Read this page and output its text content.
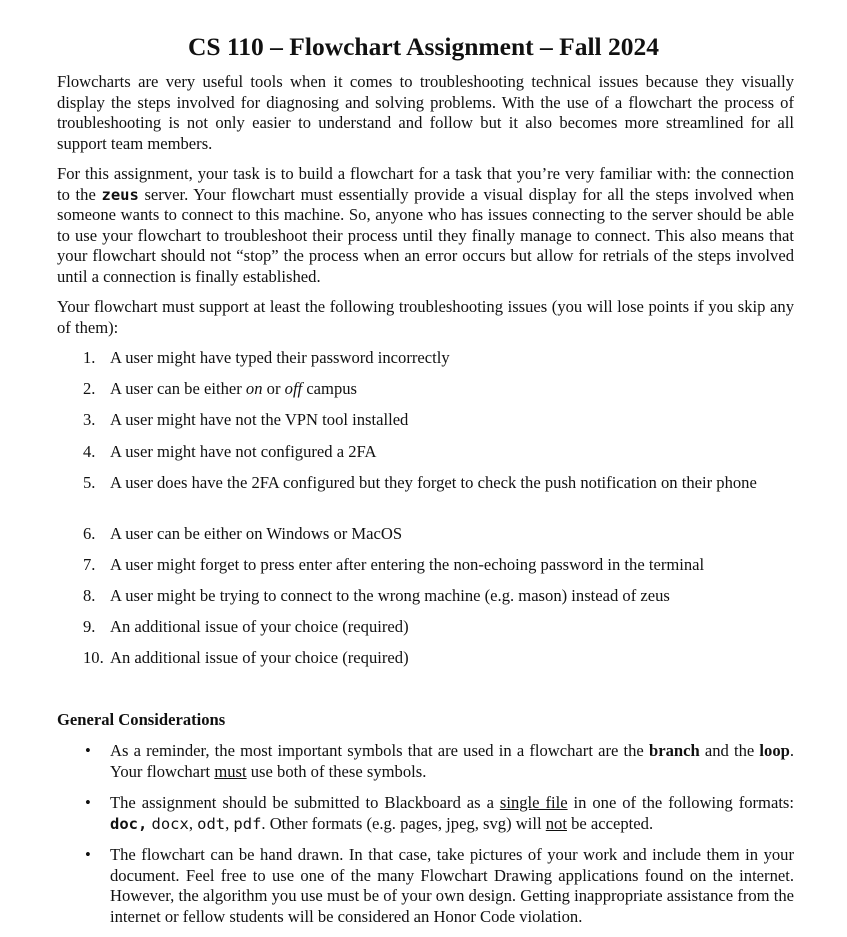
CS 110 – Flowchart Assignment – Fall 2024

Flowcharts are very useful tools when it comes to troubleshooting technical issues because they visually display the steps involved for diagnosing and solving problems. With the use of a flowchart the process of troubleshooting is not only easier to understand and follow but it also becomes more streamlined for all support team members.

For this assignment, your task is to build a flowchart for a task that you’re very familiar with: the connection to the zeus server. Your flowchart must essentially provide a visual display for all the steps involved when someone wants to connect to this machine. So, anyone who has issues connecting to the server should be able to use your flowchart to troubleshoot their process until they finally manage to connect. This also means that your flowchart should not “stop” the process when an error occurs but allow for retrials of the steps involved until a connection is finally established.

Your flowchart must support at least the following troubleshooting issues (you will lose points if you skip any of them):

1. A user might have typed their password incorrectly
2. A user can be either on or off campus
3. A user might have not the VPN tool installed
4. A user might have not configured a 2FA
5. A user does have the 2FA configured but they forget to check the push notification on their phone
6. A user can be either on Windows or MacOS
7. A user might forget to press enter after entering the non-echoing password in the terminal
8. A user might be trying to connect to the wrong machine (e.g. mason) instead of zeus
9. An additional issue of your choice (required)
10. An additional issue of your choice (required)

General Considerations

• As a reminder, the most important symbols that are used in a flowchart are the branch and the loop. Your flowchart must use both of these symbols.
• The assignment should be submitted to Blackboard as a single file in one of the following formats: doc, docx, odt, pdf. Other formats (e.g. pages, jpeg, svg) will not be accepted.
• The flowchart can be hand drawn. In that case, take pictures of your work and include them in your document. Feel free to use one of the many Flowchart Drawing applications found on the internet. However, the algorithm you use must be of your own design. Getting inappropriate assistance from the internet or fellow students will be considered an Honor Code violation.
